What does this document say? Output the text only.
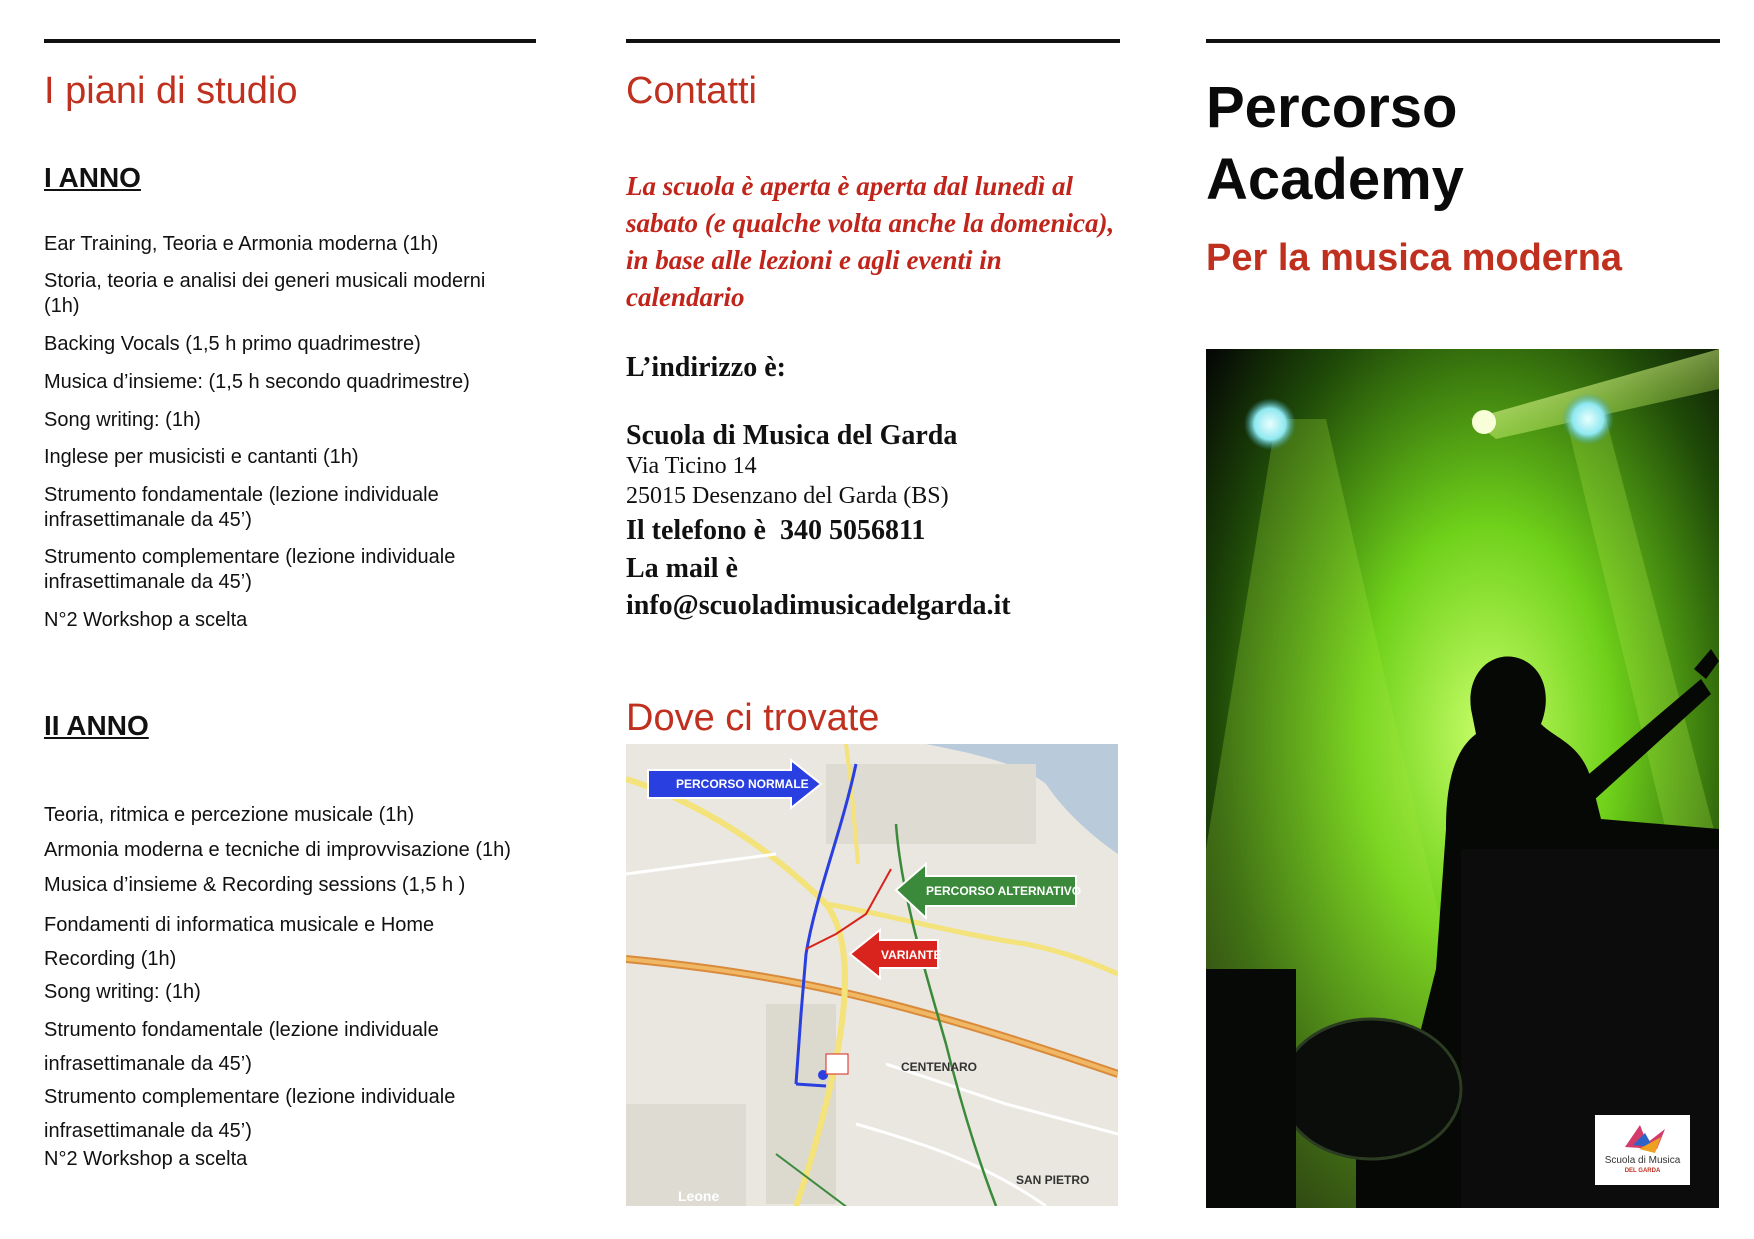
I piani di studio
I ANNO
Ear Training, Teoria e Armonia moderna (1h)
Storia, teoria e analisi dei generi musicali moderni (1h)
Backing Vocals (1,5 h primo quadrimestre)
Musica d’insieme: (1,5 h secondo quadrimestre)
Song writing: (1h)
Inglese per musicisti e cantanti (1h)
Strumento fondamentale (lezione individuale infrasettimanale da 45’)
Strumento complementare (lezione individuale infrasettimanale da 45’)
N°2 Workshop a scelta
II ANNO
Teoria, ritmica e percezione musicale (1h)
Armonia moderna e tecniche di improvvisazione (1h)
Musica d’insieme & Recording sessions (1,5 h )
Fondamenti di informatica musicale e Home Recording (1h)
Song writing: (1h)
Strumento fondamentale (lezione individuale infrasettimanale da 45’)
Strumento complementare (lezione individuale infrasettimanale da 45’)
N°2 Workshop a scelta
Contatti
La scuola è aperta è aperta dal lunedì al sabato (e qualche volta anche la domenica), in base alle lezioni e agli eventi in calendario
L’indirizzo è:
Scuola di Musica del Garda
Via Ticino 14
25015 Desenzano del Garda (BS)
Il telefono è  340 5056811
La mail è
info@scuoladimusicadelgarda.it
Dove ci trovate
PERCORSO NORMALE
PERCORSO ALTERNATIVO
VARIANTE
CENTENARO
SAN PIETRO
Leone
Percorso
Academy
Per la musica moderna
Scuola di Musica
DEL GARDA
